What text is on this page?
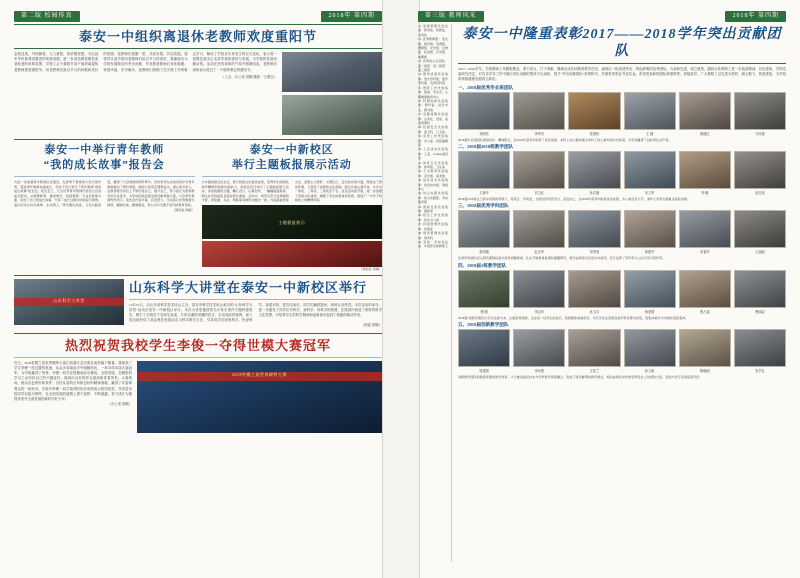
第二版 校园传真	2018年 第四期
泰安一中组织离退休老教师欢度重阳节
金秋送爽，丹桂飘香。九九重阳，浓浓敬老情。为弘扬中华民族尊老敬老的传统美德，进一步营造尊老敬老爱老助老的浓厚氛围，学校工会于重阳节前夕组织离退休老教师欢度重阳节，向老教师们致以节日的问候和美好的祝愿。老教师们欢聚一堂，共叙友情，共话发展。校领导代表学校向老教师们致以节日的祝贺，感谢他们为学校发展做出的突出贡献，并祝愿老教师们身体健康、家庭幸福、安享晚年。老教师们回顾了在学校工作的难忘岁月，畅谈了学校近年来发生的巨大变化，表示将一如既往地关心支持学校的建设与发展，为学校的发展贡献余热。活动在热烈祥和的气氛中圆满结束，老教师们纷纷表示度过了一个愉快难忘的重阳节。
（工会、办公室 供稿 摄影：王德宝）
泰安一中举行青年教师
“我的成长故事”报告会
为进一步加强青年教师队伍建设，发挥骨干教师的示范引领作用，促进青年教师快速成长，学校于近日举行了青年教师“我的成长故事”报告会。报告会上，几位优秀青年教师代表结合自身成长经历，从师德修养、课堂教学、班级管理、专业发展等方面，讲述了自己的成长故事，分享了成长过程中的收获与感悟。他们的发言朴实真挚、生动感人，既有理论高度，又有实践深度，赢得了与会教师的阵阵掌声。学校领导在总结讲话中对青年教师提出了殷切希望，勉励大家坚定理想信念，潜心教书育人，在教育教学岗位上不断历练自己、提升自己，努力成长为教育教学的行家里手，为学校的高质量发展贡献青春力量。与会青年教师纷纷表示，报告会内容丰富、启发很大，今后将以优秀教师为榜样，脚踏实地，勤勉敬业，努力书写无愧于时代的教育答卷。
（教科室 供稿）
泰安一中新校区
举行主题板报展示活动
为丰富校园文化生活，展示班级文化建设成果，培养学生的团队协作精神和创新实践能力，新校区近日举行了主题板报展示活动。各班级围绕主题，精心设计、认真创作，一幅幅版面新颖、图文并茂的板报呈现在师生面前。活动中，同学们充分发挥聪明才智，将绘画、书法、剪贴等多种形式融为一体，内容涵盖传统文化、爱国主义教育、文明礼仪、安全知识等方面，既美化了教室环境，又营造了浓厚的文化氛围。经过评委认真评选，共评出一等奖、二等奖、三等奖若干名。此次活动的开展，进一步加强了班级文化建设，增强了学生的集体荣誉感，展现了一中学子积极向上的精神风貌。
主题板报展示
（新校区 供稿）
山东科学大讲堂
山东科学大讲堂在泰安一中新校区举行
10月10日，由山东省科学技术协会主办、泰安市科学技术协会承办的“山东科学大讲堂”活动在泰安一中新校区举行。本次大讲堂邀请知名专家学者作专题科普报告，吸引了全校近千名师生参加。专家以通俗易懂的语言、生动翔实的案例，深入浅出地介绍了前沿科技发展动态与科学研究方法，引导同学们崇尚科学、热爱科学、探索未知。报告结束后，同学们踊跃提问，现场互动热烈。本次活动的举办，进一步激发了同学们学科学、爱科学、用科学的热情，在校园内营造了浓厚的科学文化氛围，对培养学生的科学精神和创新意识起到了积极的推动作用。
（团委 供稿）
热烈祝贺我校学生李俊一夺得世模大赛冠军
近日，2018世模之星世界模特大赛江西赛区总决赛在南昌落下帷幕。我校高三学生李俊一经过激烈角逐，从众多参赛选手中脱颖而出，一举夺得本届大赛冠军，为学校赢得了荣誉。李俊一同学在校期间品学兼优，全面发展，在紧张的学习之余坚持自己的兴趣爱好，展现出良好的综合素质和青春风采。大赛现场，她以出色的形体条件、自信从容的台风和良好的精神面貌，赢得了评委和观众的一致好评。学校对李俊一同学取得的优异成绩表示热烈祝贺，并希望全校同学以她为榜样，在全面发展的道路上勇于追梦、不断超越，努力成长为德智体美劳全面发展的新时代好少年。
（办公室 供稿）
2018世模之星世界模特大赛
第三版 教师风采	2018年 第四期
11. 常规管理先进处室：教务处、政教处、总务处
12. 优秀教研组：语文组、数学组、英语组、物理组、化学组、生物组、政治组、历史组、地理组
13. 优秀班主任团队：高一级部、高二级部、高三级部
14. 教学质量先进集体：语文学科组、数学学科组、英语学科组
15. 德育工作先进集体：团委、学生会、心理健康教育中心
16. 科研创新先进集体：教科室、信息中心、图书馆
17. 后勤保障先进集体：总务处、食堂、宿舍管理科
18. 校园安全先进集体：保卫科、门卫室
19. 宣传工作先进集体：办公室、校报编辑部
20. 工会活动先进集体：工会、women委员会
21. 体育卫生先进集体：体育组、卫生室
22. 艺术教育先进集体：音乐组、美术组
23. 信息技术先进集体：信息技术组、网络中心
24. 综合实践先进集体：综合实践组、劳动教育组
25. 国际交流先进集体：国际部
26. 招生工作先进集体：招生办公室
27. 档案管理先进集体：档案室
28. 财务管理先进集体：财务科
29. 其他：学校各处室、年级部全体教职工
泰安一中隆重表彰2017——2018学年突出贡献团队
2017—2018学年，学校教师工作勤勉敬业，勇于担当，甘于奉献，圆满完成各项教育教学任务，涌现出一批成绩突出、特色鲜明的优秀团队。为表彰先进、树立典型、激励全体教职工进一步振奋精神、开拓进取，学校党委研究决定，对在本学年工作中做出突出贡献的集体予以表彰，授予“突出贡献团队”荣誉称号，并颁发荣誉证书及奖金。希望受表彰的团队珍惜荣誉、再接再厉，广大教职工以先进为榜样，凝心聚力、锐意进取，为学校的持续健康发展再立新功。
一、2018届优秀毕业班团队
刘明亮	李秀芳	张国伟	王 静	陈德红	马付强
2018届毕业班团队团结协作、精诚配合，在2018年高考中取得了优异成绩，本科上线人数和重点本科上线人数均创历史新高，为学校赢得了良好的社会声誉。
二、2018届2018班教学团队
王新华	吕卫红	孙志刚	朱立军	李 娜	赵光英
2018届2018班在王新华老师的带领下，班风正、学风浓，全班同学刻苦努力、奋发向上，在2018年高考中取得优异成绩，多人被北京大学、清华大学等全国重点高校录取。
三、2018届优秀学科团队
张明德	赵玉军	刘秀英	郭建华	宋春玲	王丽丽
优秀学科团队深入研究课程标准与高考命题规律，扎实开展集体备课和课题研究，教学成绩连年位居全市前列，充分发挥了学科带头人的示范引领作用。
四、2018届1班教学团队
程 刚	李志华	孙玉芬	杨爱国	张占福	曹丽双
2018届1班教学团队以学生发展为本，注重因材施教，关注每一位学生的成长，班级整体成绩优异，多名学生在各级各类学科竞赛中获奖，班集体被评为市级先进班集体。
五、2018届创新教学团队
周建国	李永胜	王桂兰	孙立新	陈晓丽	宋学礼
创新教学团队积极探索课堂教学改革，大力推进信息技术与学科教学深度融合，形成了特色鲜明的教学模式，相关成果在省市教学研讨会上作经验交流，受到与会专家的高度评价。
